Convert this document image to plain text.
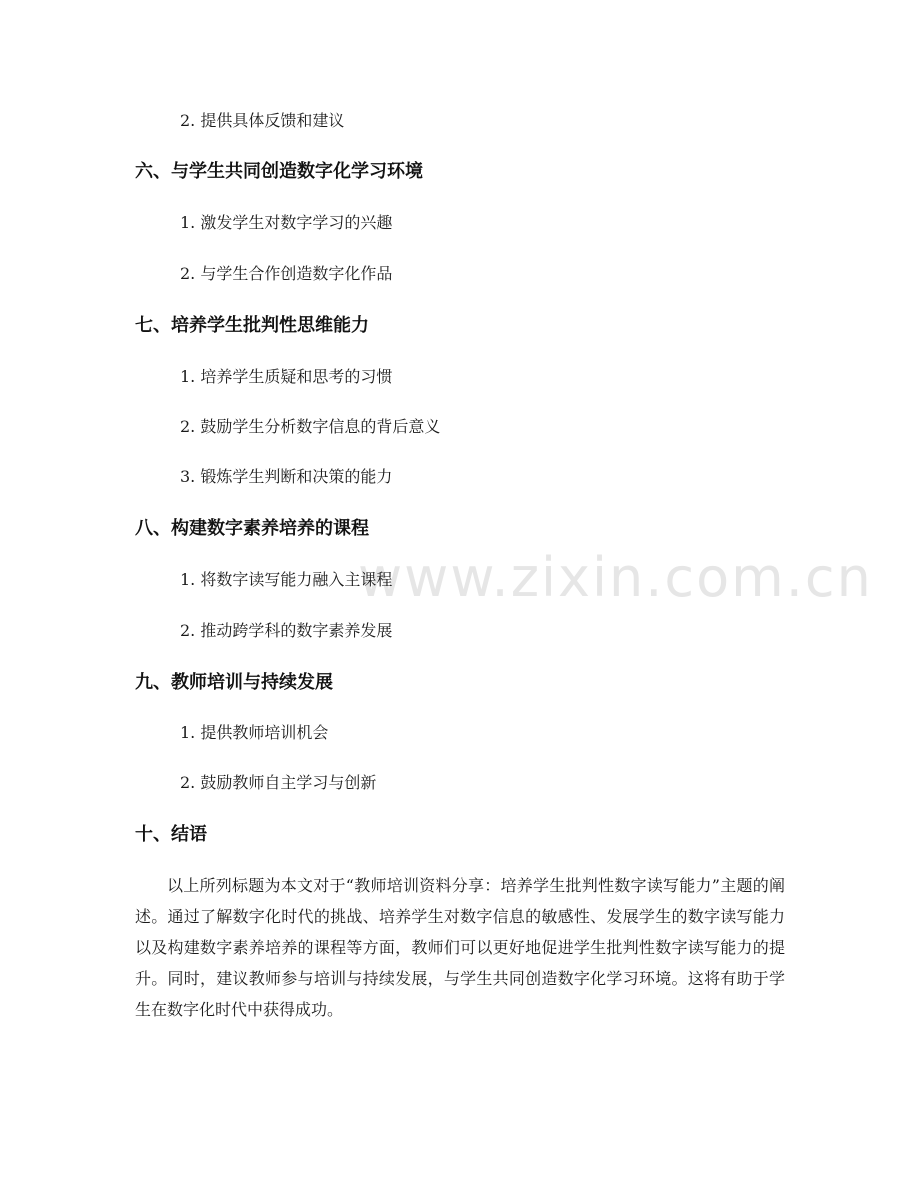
www.zixin.com.cn
2. 提供具体反馈和建议
六、与学生共同创造数字化学习环境
1. 激发学生对数字学习的兴趣
2. 与学生合作创造数字化作品
七、培养学生批判性思维能力
1. 培养学生质疑和思考的习惯
2. 鼓励学生分析数字信息的背后意义
3. 锻炼学生判断和决策的能力
八、构建数字素养培养的课程
1. 将数字读写能力融入主课程
2. 推动跨学科的数字素养发展
九、教师培训与持续发展
1. 提供教师培训机会
2. 鼓励教师自主学习与创新
十、结语

以上所列标题为本文对于“教师培训资料分享：培养学生批判性数字读写能力”主题的阐述。通过了解数字化时代的挑战、培养学生对数字信息的敏感性、发展学生的数字读写能力以及构建数字素养培养的课程等方面，教师们可以更好地促进学生批判性数字读写能力的提升。同时，建议教师参与培训与持续发展，与学生共同创造数字化学习环境。这将有助于学生在数字化时代中获得成功。
